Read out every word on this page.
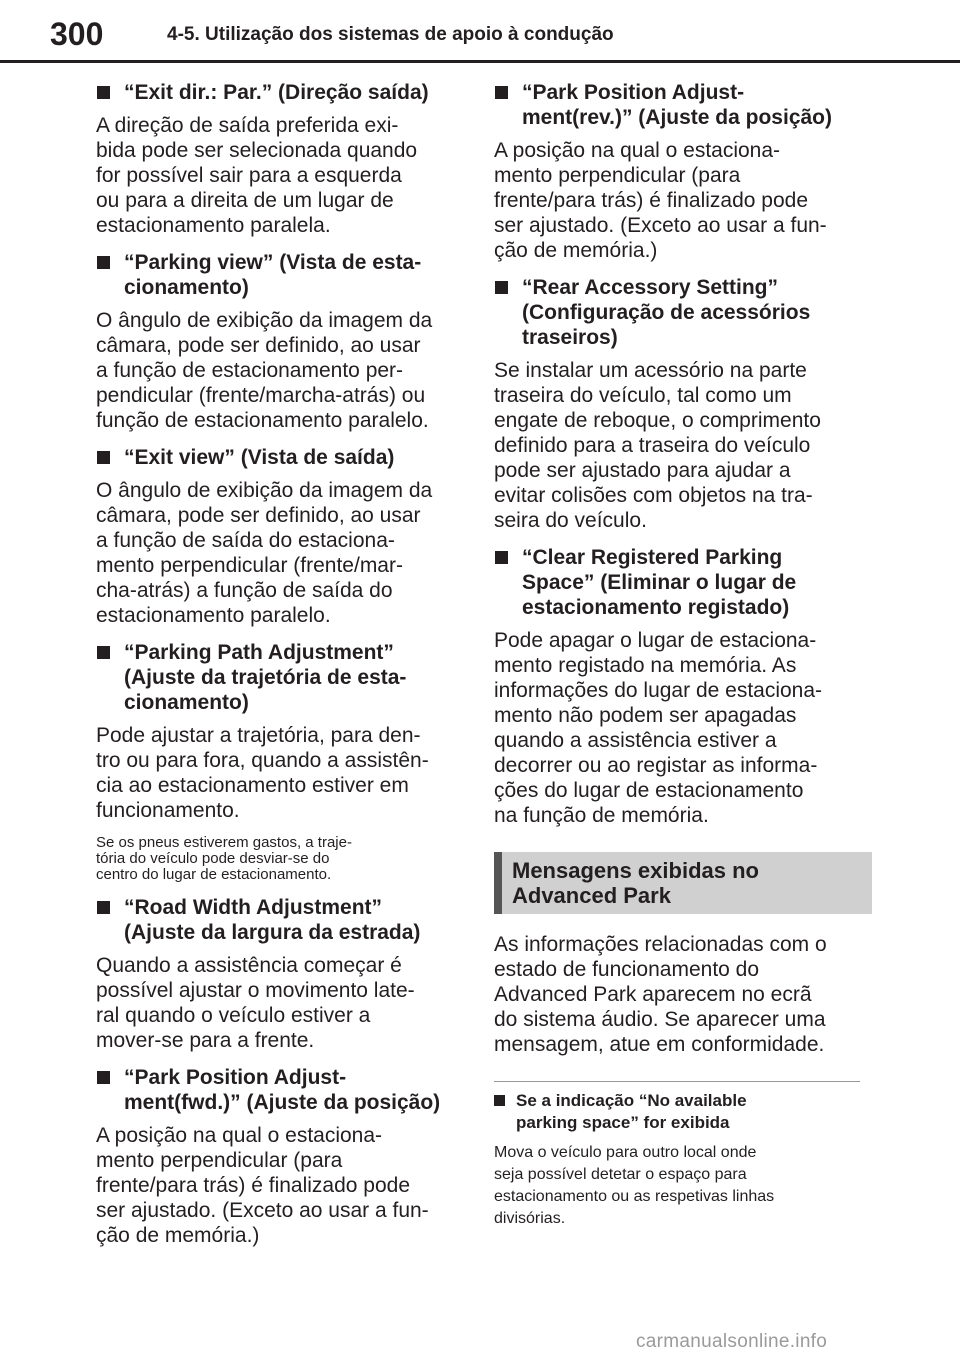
300	4-5. Utilização dos sistemas de apoio à condução
“Exit dir.: Par.” (Direção saída)
A direção de saída preferida exi-
bida pode ser selecionada quando
for possível sair para a esquerda
ou para a direita de um lugar de
estacionamento paralela.
“Parking view” (Vista de esta-
cionamento)
O ângulo de exibição da imagem da
câmara, pode ser definido, ao usar
a função de estacionamento per-
pendicular (frente/marcha-atrás) ou
função de estacionamento paralelo.
“Exit view” (Vista de saída)
O ângulo de exibição da imagem da
câmara, pode ser definido, ao usar
a função de saída do estaciona-
mento perpendicular (frente/mar-
cha-atrás) a função de saída do
estacionamento paralelo.
“Parking Path Adjustment”
(Ajuste da trajetória de esta-
cionamento)
Pode ajustar a trajetória, para den-
tro ou para fora, quando a assistên-
cia ao estacionamento estiver em
funcionamento.
Se os pneus estiverem gastos, a traje-
tória do veículo pode desviar-se do
centro do lugar de estacionamento.
“Road Width Adjustment”
(Ajuste da largura da estrada)
Quando a assistência começar é
possível ajustar o movimento late-
ral quando o veículo estiver a
mover-se para a frente.
“Park Position Adjust-
ment(fwd.)” (Ajuste da posição)
A posição na qual o estaciona-
mento perpendicular (para
frente/para trás) é finalizado pode
ser ajustado. (Exceto ao usar a fun-
ção de memória.)
“Park Position Adjust-
ment(rev.)” (Ajuste da posição)
A posição na qual o estaciona-
mento perpendicular (para
frente/para trás) é finalizado pode
ser ajustado. (Exceto ao usar a fun-
ção de memória.)
“Rear Accessory Setting”
(Configuração de acessórios
traseiros)
Se instalar um acessório na parte
traseira do veículo, tal como um
engate de reboque, o comprimento
definido para a traseira do veículo
pode ser ajustado para ajudar a
evitar colisões com objetos na tra-
seira do veículo.
“Clear Registered Parking
Space” (Eliminar o lugar de
estacionamento registado)
Pode apagar o lugar de estaciona-
mento registado na memória. As
informações do lugar de estaciona-
mento não podem ser apagadas
quando a assistência estiver a
decorrer ou ao registar as informa-
ções do lugar de estacionamento
na função de memória.
Mensagens exibidas no
Advanced Park
As informações relacionadas com o
estado de funcionamento do
Advanced Park aparecem no ecrã
do sistema áudio. Se aparecer uma
mensagem, atue em conformidade.
Se a indicação “No available
parking space” for exibida
Mova o veículo para outro local onde
seja possível detetar o espaço para
estacionamento ou as respetivas linhas
divisórias.
carmanualsonline.info
